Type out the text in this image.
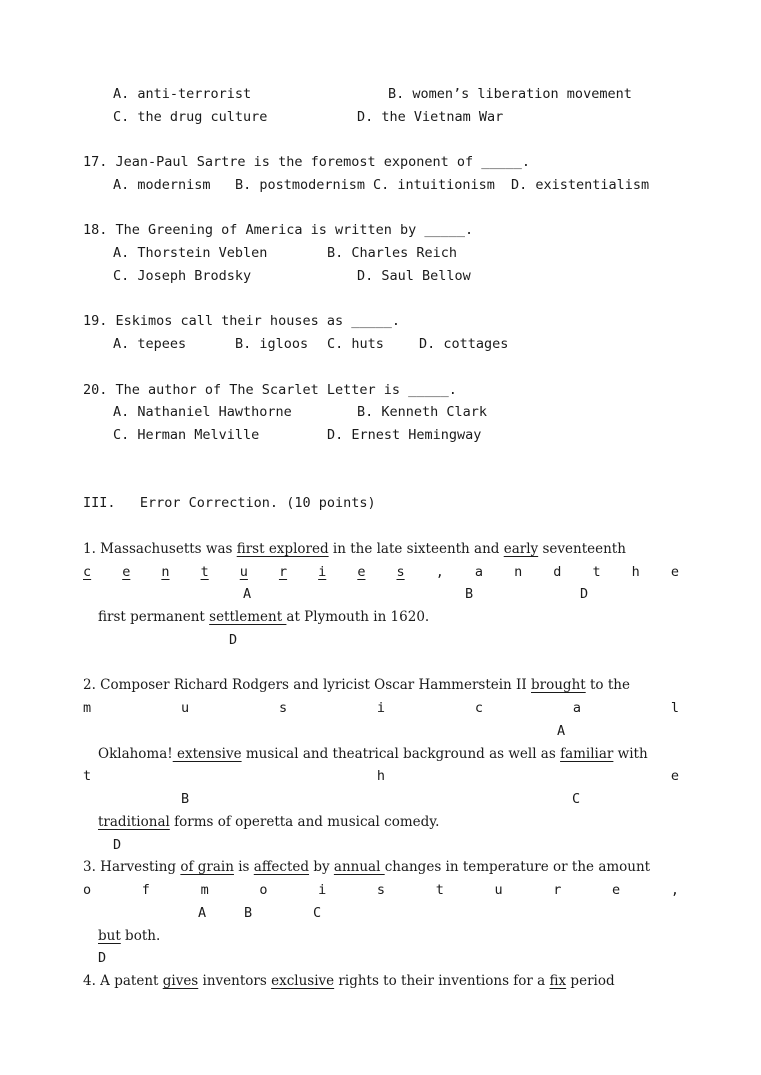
A. anti-terrorist	B. women’s liberation movement
C. the drug culture	D. the Vietnam War
17. Jean-Paul Sartre is the foremost exponent of _____.
A. modernism B. postmodernism C. intuitionism D. existentialism
18. The Greening of America is written by _____.
A. Thorstein Veblen	B. Charles Reich
C. Joseph Brodsky	D. Saul Bellow
19. Eskimos call their houses as _____.
A. tepees	B. igloos C. huts	D. cottages
20. The author of The Scarlet Letter is _____.
A. Nathaniel Hawthorne	B. Kenneth Clark
C. Herman Melville	D. Ernest Hemingway
III.   Error Correction. (10 points)
1. Massachusetts was first explored in the late sixteenth and early seventeenth
c e n t u r i e s , a n d t h e
A	B	D
first permanent settlement at Plymouth in 1620.
D
2. Composer Richard Rodgers and lyricist Oscar Hammerstein II brought to the
m	u	s	i	c	a	l
A
Oklahoma! extensive musical and theatrical background as well as familiar with
t	h	e
B	C
traditional forms of operetta and musical comedy.
D
3. Harvesting of grain is affected by annual changes in temperature or the amount
o	f	m	o	i	s	t	u	r	e	,
A	B	C
but both.
D
4. A patent gives inventors exclusive rights to their inventions for a fix period
